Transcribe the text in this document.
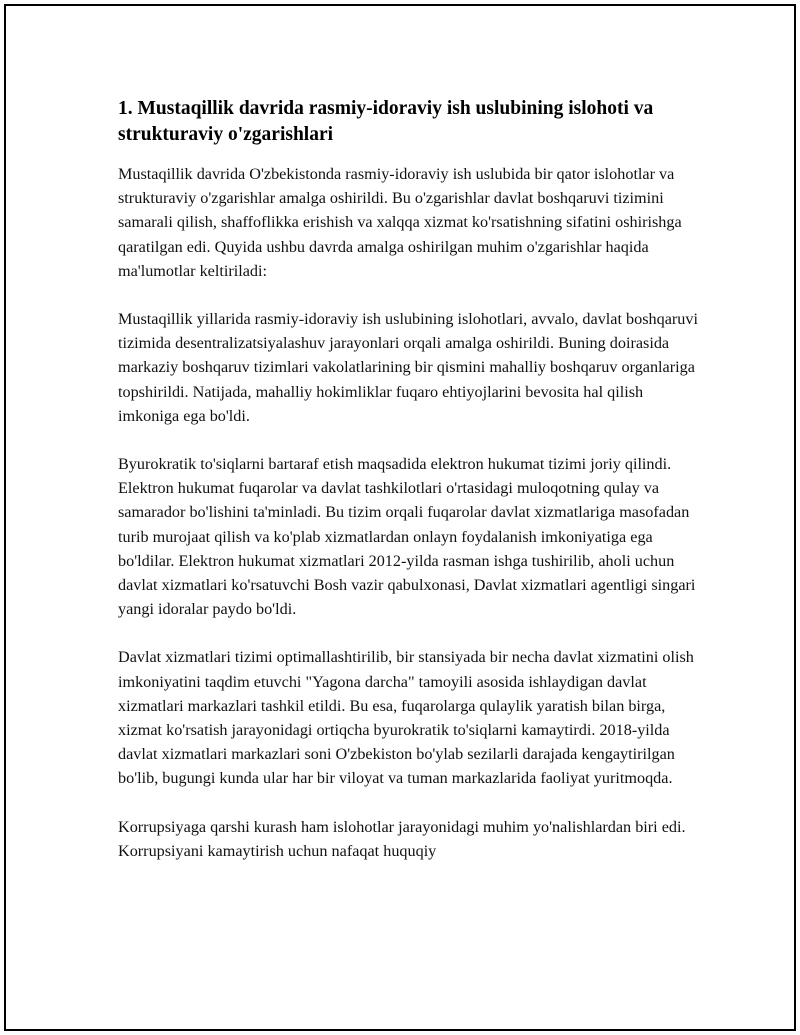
1. Mustaqillik davrida rasmiy-idoraviy ish uslubining islohoti va strukturaviy o'zgarishlari

Mustaqillik davrida O'zbekistonda rasmiy-idoraviy ish uslubida bir qator islohotlar va strukturaviy o'zgarishlar amalga oshirildi. Bu o'zgarishlar davlat boshqaruvi tizimini samarali qilish, shaffoflikka erishish va xalqqa xizmat ko'rsatishning sifatini oshirishga qaratilgan edi. Quyida ushbu davrda amalga oshirilgan muhim o'zgarishlar haqida ma'lumotlar keltiriladi:

Mustaqillik yillarida rasmiy-idoraviy ish uslubining islohotlari, avvalo, davlat boshqaruvi tizimida desentralizatsiyalashuv jarayonlari orqali amalga oshirildi. Buning doirasida markaziy boshqaruv tizimlari vakolatlarining bir qismini mahalliy boshqaruv organlariga topshirildi. Natijada, mahalliy hokimliklar fuqaro ehtiyojlarini bevosita hal qilish imkoniga ega bo'ldi.

Byurokratik to'siqlarni bartaraf etish maqsadida elektron hukumat tizimi joriy qilindi. Elektron hukumat fuqarolar va davlat tashkilotlari o'rtasidagi muloqotning qulay va samarador bo'lishini ta'minladi. Bu tizim orqali fuqarolar davlat xizmatlariga masofadan turib murojaat qilish va ko'plab xizmatlardan onlayn foydalanish imkoniyatiga ega bo'ldilar. Elektron hukumat xizmatlari 2012-yilda rasman ishga tushirilib, aholi uchun davlat xizmatlari ko'rsatuvchi Bosh vazir qabulxonasi, Davlat xizmatlari agentligi singari yangi idoralar paydo bo'ldi.

Davlat xizmatlari tizimi optimallashtirilib, bir stansiyada bir necha davlat xizmatini olish imkoniyatini taqdim etuvchi "Yagona darcha" tamoyili asosida ishlaydigan davlat xizmatlari markazlari tashkil etildi. Bu esa, fuqarolarga qulaylik yaratish bilan birga, xizmat ko'rsatish jarayonidagi ortiqcha byurokratik to'siqlarni kamaytirdi. 2018-yilda davlat xizmatlari markazlari soni O'zbekiston bo'ylab sezilarli darajada kengaytirilgan bo'lib, bugungi kunda ular har bir viloyat va tuman markazlarida faoliyat yuritmoqda.

Korrupsiyaga qarshi kurash ham islohotlar jarayonidagi muhim yo'nalishlardan biri edi. Korrupsiyani kamaytirish uchun nafaqat huquqiy
